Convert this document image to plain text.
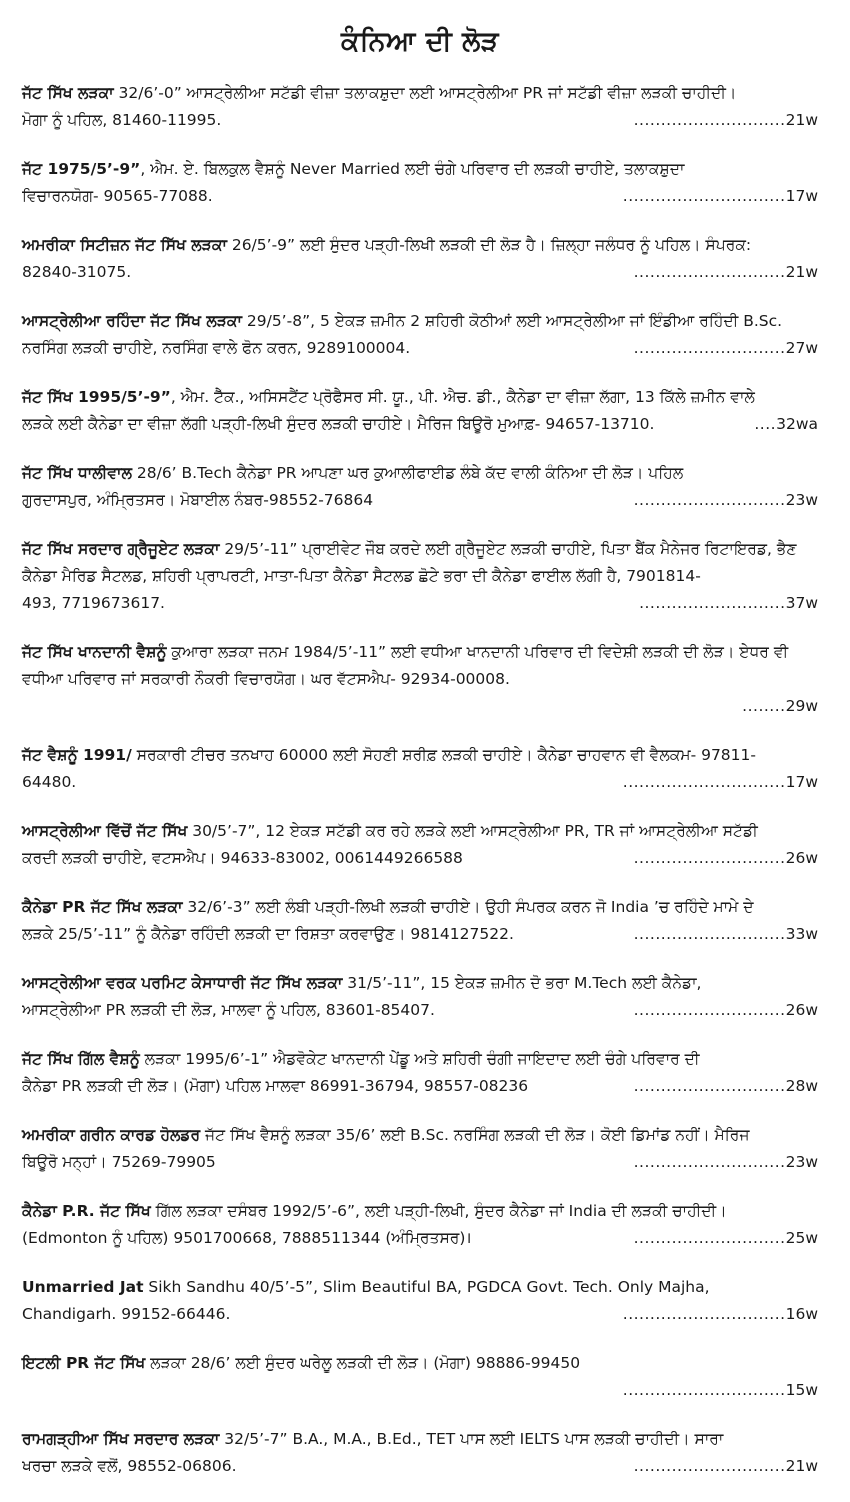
ਕੰਨਿਆ ਦੀ ਲੋੜ
ਜੱਟ ਸਿੱਖ ਲੜਕਾ 32/6’-0” ਆਸਟ੍ਰੇਲੀਆ ਸਟੱਡੀ ਵੀਜ਼ਾ ਤਲਾਕਸ਼ੁਦਾ ਲਈ ਆਸਟ੍ਰੇਲੀਆ PR ਜਾਂ ਸਟੱਡੀ ਵੀਜ਼ਾ ਲੜਕੀ ਚਾਹੀਦੀ।
ਮੋਗਾ ਨੂੰ ਪਹਿਲ, 81460-11995.	............................21w
ਜੱਟ 1975/5’-9”, ਐਮ. ਏ. ਬਿਲਕੁਲ ਵੈਸ਼ਨੂੰ Never Married ਲਈ ਚੰਗੇ ਪਰਿਵਾਰ ਦੀ ਲੜਕੀ ਚਾਹੀਏ, ਤਲਾਕਸ਼ੁਦਾ
ਵਿਚਾਰਨਯੋਗ- 90565-77088.	..............................17w
ਅਮਰੀਕਾ ਸਿਟੀਜ਼ਨ ਜੱਟ ਸਿੱਖ ਲੜਕਾ 26/5’-9” ਲਈ ਸੁੰਦਰ ਪੜ੍ਹੀ-ਲਿਖੀ ਲੜਕੀ ਦੀ ਲੋੜ ਹੈ। ਜ਼ਿਲ੍ਹਾ ਜਲੰਧਰ ਨੂੰ ਪਹਿਲ। ਸੰਪਰਕ:
82840-31075.	............................21w
ਆਸਟ੍ਰੇਲੀਆ ਰਹਿੰਦਾ ਜੱਟ ਸਿੱਖ ਲੜਕਾ 29/5’-8”, 5 ਏਕੜ ਜ਼ਮੀਨ 2 ਸ਼ਹਿਰੀ ਕੋਠੀਆਂ ਲਈ ਆਸਟ੍ਰੇਲੀਆ ਜਾਂ ਇੰਡੀਆ ਰਹਿੰਦੀ B.Sc.
ਨਰਸਿੰਗ ਲੜਕੀ ਚਾਹੀਏ, ਨਰਸਿੰਗ ਵਾਲੇ ਫੋਨ ਕਰਨ, 9289100004.	............................27w
ਜੱਟ ਸਿੱਖ 1995/5’-9”, ਐਮ. ਟੈੱਕ., ਅਸਿਸਟੈਂਟ ਪ੍ਰੋਫੈਸਰ ਸੀ. ਯੂ., ਪੀ. ਐਚ. ਡੀ., ਕੈਨੇਡਾ ਦਾ ਵੀਜ਼ਾ ਲੱਗਾ, 13 ਕਿੱਲੇ ਜ਼ਮੀਨ ਵਾਲੇ
ਲੜਕੇ ਲਈ ਕੈਨੇਡਾ ਦਾ ਵੀਜ਼ਾ ਲੱਗੀ ਪੜ੍ਹੀ-ਲਿਖੀ ਸੁੰਦਰ ਲੜਕੀ ਚਾਹੀਏ। ਮੈਰਿਜ ਬਿਊਰੋ ਮੁਆਫ਼- 94657-13710.	....32wa
ਜੱਟ ਸਿੱਖ ਧਾਲੀਵਾਲ 28/6’ B.Tech ਕੈਨੇਡਾ PR ਆਪਣਾ ਘਰ ਕੁਆਲੀਫਾਈਡ ਲੰਬੇ ਕੱਦ ਵਾਲੀ ਕੰਨਿਆ ਦੀ ਲੋੜ। ਪਹਿਲ
ਗੁਰਦਾਸਪੁਰ, ਅੰਮ੍ਰਿਤਸਰ। ਮੋਬਾਈਲ ਨੰਬਰ-98552-76864	............................23w
ਜੱਟ ਸਿੱਖ ਸਰਦਾਰ ਗ੍ਰੈਜੂਏਟ ਲੜਕਾ 29/5’-11” ਪ੍ਰਾਈਵੇਟ ਜੌਬ ਕਰਦੇ ਲਈ ਗ੍ਰੈਜੂਏਟ ਲੜਕੀ ਚਾਹੀਏ, ਪਿਤਾ ਬੈਂਕ ਮੈਨੇਜਰ ਰਿਟਾਇਰਡ, ਭੈਣ ਕੈਨੇਡਾ ਮੈਰਿਡ ਸੈਟਲਡ, ਸ਼ਹਿਰੀ ਪ੍ਰਾਪਰਟੀ, ਮਾਤਾ-ਪਿਤਾ ਕੈਨੇਡਾ ਸੈਟਲਡ ਛੋਟੇ ਭਰਾ ਦੀ ਕੈਨੇਡਾ ਫਾਈਲ ਲੱਗੀ ਹੈ, 7901814-
493, 7719673617.	...........................37w
ਜੱਟ ਸਿੱਖ ਖਾਨਦਾਨੀ ਵੈਸ਼ਨੂੰ ਕੁਆਰਾ ਲੜਕਾ ਜਨਮ 1984/5’-11” ਲਈ ਵਧੀਆ ਖਾਨਦਾਨੀ ਪਰਿਵਾਰ ਦੀ ਵਿਦੇਸ਼ੀ ਲੜਕੀ ਦੀ ਲੋੜ। ਏਧਰ ਵੀ ਵਧੀਆ ਪਰਿਵਾਰ ਜਾਂ ਸਰਕਾਰੀ ਨੌਕਰੀ ਵਿਚਾਰਯੋਗ। ਘਰ ਵੱਟਸਐਪ- 92934-00008.
........29w
ਜੱਟ ਵੈਸ਼ਨੂੰ 1991/ ਸਰਕਾਰੀ ਟੀਚਰ ਤਨਖਾਹ 60000 ਲਈ ਸੋਹਣੀ ਸ਼ਰੀਫ਼ ਲੜਕੀ ਚਾਹੀਏ। ਕੈਨੇਡਾ ਚਾਹਵਾਨ ਵੀ ਵੈਲਕਮ- 97811-
64480.	..............................17w
ਆਸਟ੍ਰੇਲੀਆ ਵਿੱਚੋਂ ਜੱਟ ਸਿੱਖ 30/5’-7”, 12 ਏਕੜ ਸਟੱਡੀ ਕਰ ਰਹੇ ਲੜਕੇ ਲਈ ਆਸਟ੍ਰੇਲੀਆ PR, TR ਜਾਂ ਆਸਟ੍ਰੇਲੀਆ ਸਟੱਡੀ
ਕਰਦੀ ਲੜਕੀ ਚਾਹੀਏ, ਵਟਸਐਪ। 94633-83002, 0061449266588	............................26w
ਕੈਨੇਡਾ PR ਜੱਟ ਸਿੱਖ ਲੜਕਾ 32/6’-3” ਲਈ ਲੰਬੀ ਪੜ੍ਹੀ-ਲਿਖੀ ਲੜਕੀ ਚਾਹੀਏ। ਉਹੀ ਸੰਪਰਕ ਕਰਨ ਜੋ India ’ਚ ਰਹਿੰਦੇ ਮਾਮੇ ਦੇ
ਲੜਕੇ 25/5’-11” ਨੂੰ ਕੈਨੇਡਾ ਰਹਿੰਦੀ ਲੜਕੀ ਦਾ ਰਿਸ਼ਤਾ ਕਰਵਾਉਣ। 9814127522.	............................33w
ਆਸਟ੍ਰੇਲੀਆ ਵਰਕ ਪਰਮਿਟ ਕੇਸਾਧਾਰੀ ਜੱਟ ਸਿੱਖ ਲੜਕਾ 31/5’-11”, 15 ਏਕੜ ਜ਼ਮੀਨ ਦੋ ਭਰਾ M.Tech ਲਈ ਕੈਨੇਡਾ,
ਆਸਟ੍ਰੇਲੀਆ PR ਲੜਕੀ ਦੀ ਲੋੜ, ਮਾਲਵਾ ਨੂੰ ਪਹਿਲ, 83601-85407.	............................26w
ਜੱਟ ਸਿੱਖ ਗਿੱਲ ਵੈਸ਼ਨੂੰ ਲੜਕਾ 1995/6’-1” ਐਡਵੋਕੇਟ ਖਾਨਦਾਨੀ ਪੇਂਡੂ ਅਤੇ ਸ਼ਹਿਰੀ ਚੰਗੀ ਜਾਇਦਾਦ ਲਈ ਚੰਗੇ ਪਰਿਵਾਰ ਦੀ
ਕੈਨੇਡਾ PR ਲੜਕੀ ਦੀ ਲੋੜ। (ਮੋਗਾ) ਪਹਿਲ ਮਾਲਵਾ 86991-36794, 98557-08236	............................28w
ਅਮਰੀਕਾ ਗਰੀਨ ਕਾਰਡ ਹੋਲਡਰ ਜੱਟ ਸਿੱਖ ਵੈਸ਼ਨੂੰ ਲੜਕਾ 35/6’ ਲਈ B.Sc. ਨਰਸਿੰਗ ਲੜਕੀ ਦੀ ਲੋੜ। ਕੋਈ ਡਿਮਾਂਡ ਨਹੀਂ। ਮੈਰਿਜ
ਬਿਊਰੋ ਮਨ੍ਹਾਂ। 75269-79905	............................23w
ਕੈਨੇਡਾ P.R. ਜੱਟ ਸਿੱਖ ਗਿੱਲ ਲੜਕਾ ਦਸੰਬਰ 1992/5’-6”, ਲਈ ਪੜ੍ਹੀ-ਲਿਖੀ, ਸੁੰਦਰ ਕੈਨੇਡਾ ਜਾਂ India ਦੀ ਲੜਕੀ ਚਾਹੀਦੀ।
(Edmonton ਨੂੰ ਪਹਿਲ) 9501700668, 7888511344 (ਅੰਮ੍ਰਿਤਸਰ)।	............................25w
Unmarried Jat Sikh Sandhu 40/5’-5”, Slim Beautiful BA, PGDCA Govt. Tech. Only Majha,
Chandigarh. 99152-66446.	..............................16w
ਇਟਲੀ PR ਜੱਟ ਸਿੱਖ ਲੜਕਾ 28/6’ ਲਈ ਸੁੰਦਰ ਘਰੇਲੂ ਲੜਕੀ ਦੀ ਲੋੜ। (ਮੋਗਾ) 98886-99450
..............................15w
ਰਾਮਗੜ੍ਹੀਆ ਸਿੱਖ ਸਰਦਾਰ ਲੜਕਾ 32/5’-7” B.A., M.A., B.Ed., TET ਪਾਸ ਲਈ IELTS ਪਾਸ ਲੜਕੀ ਚਾਹੀਦੀ। ਸਾਰਾ
ਖਰਚਾ ਲੜਕੇ ਵਲੋਂ, 98552-06806.	............................21w
